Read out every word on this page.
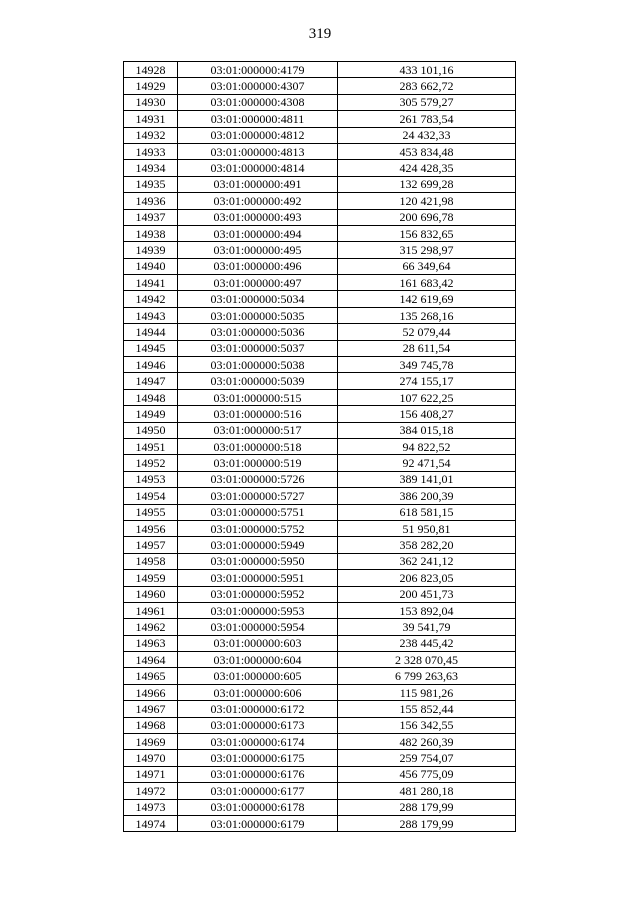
319
14928	03:01:000000:4179	433 101,16
14929	03:01:000000:4307	283 662,72
14930	03:01:000000:4308	305 579,27
14931	03:01:000000:4811	261 783,54
14932	03:01:000000:4812	24 432,33
14933	03:01:000000:4813	453 834,48
14934	03:01:000000:4814	424 428,35
14935	03:01:000000:491	132 699,28
14936	03:01:000000:492	120 421,98
14937	03:01:000000:493	200 696,78
14938	03:01:000000:494	156 832,65
14939	03:01:000000:495	315 298,97
14940	03:01:000000:496	66 349,64
14941	03:01:000000:497	161 683,42
14942	03:01:000000:5034	142 619,69
14943	03:01:000000:5035	135 268,16
14944	03:01:000000:5036	52 079,44
14945	03:01:000000:5037	28 611,54
14946	03:01:000000:5038	349 745,78
14947	03:01:000000:5039	274 155,17
14948	03:01:000000:515	107 622,25
14949	03:01:000000:516	156 408,27
14950	03:01:000000:517	384 015,18
14951	03:01:000000:518	94 822,52
14952	03:01:000000:519	92 471,54
14953	03:01:000000:5726	389 141,01
14954	03:01:000000:5727	386 200,39
14955	03:01:000000:5751	618 581,15
14956	03:01:000000:5752	51 950,81
14957	03:01:000000:5949	358 282,20
14958	03:01:000000:5950	362 241,12
14959	03:01:000000:5951	206 823,05
14960	03:01:000000:5952	200 451,73
14961	03:01:000000:5953	153 892,04
14962	03:01:000000:5954	39 541,79
14963	03:01:000000:603	238 445,42
14964	03:01:000000:604	2 328 070,45
14965	03:01:000000:605	6 799 263,63
14966	03:01:000000:606	115 981,26
14967	03:01:000000:6172	155 852,44
14968	03:01:000000:6173	156 342,55
14969	03:01:000000:6174	482 260,39
14970	03:01:000000:6175	259 754,07
14971	03:01:000000:6176	456 775,09
14972	03:01:000000:6177	481 280,18
14973	03:01:000000:6178	288 179,99
14974	03:01:000000:6179	288 179,99
